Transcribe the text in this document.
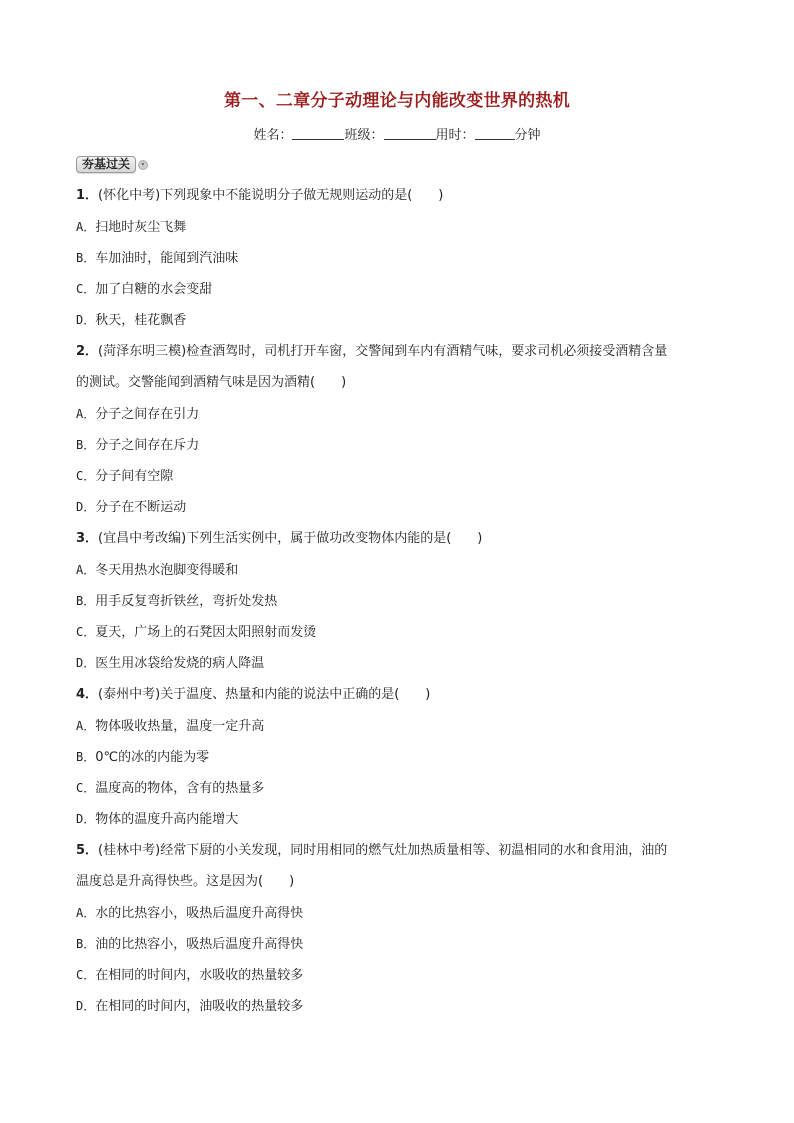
第一、二章分子动理论与内能改变世界的热机
姓名：	班级：	用时：	分钟
夯基过关	▾
1．(怀化中考)下列现象中不能说明分子做无规则运动的是(　　)
A．扫地时灰尘飞舞
B．车加油时，能闻到汽油味
C．加了白糖的水会变甜
D．秋天，桂花飘香
2．(菏泽东明三模)检查酒驾时，司机打开车窗，交警闻到车内有酒精气味，要求司机必须接受酒精含量
的测试。交警能闻到酒精气味是因为酒精(　　)
A．分子之间存在引力
B．分子之间存在斥力
C．分子间有空隙
D．分子在不断运动
3．(宜昌中考改编)下列生活实例中，属于做功改变物体内能的是(　　)
A．冬天用热水泡脚变得暖和
B．用手反复弯折铁丝，弯折处发热
C．夏天，广场上的石凳因太阳照射而发烫
D．医生用冰袋给发烧的病人降温
4．(泰州中考)关于温度、热量和内能的说法中正确的是(　　)
A．物体吸收热量，温度一定升高
B．0℃的冰的内能为零
C．温度高的物体，含有的热量多
D．物体的温度升高内能增大
5．(桂林中考)经常下厨的小关发现，同时用相同的燃气灶加热质量相等、初温相同的水和食用油，油的
温度总是升高得快些。这是因为(　　)
A．水的比热容小，吸热后温度升高得快
B．油的比热容小，吸热后温度升高得快
C．在相同的时间内，水吸收的热量较多
D．在相同的时间内，油吸收的热量较多
